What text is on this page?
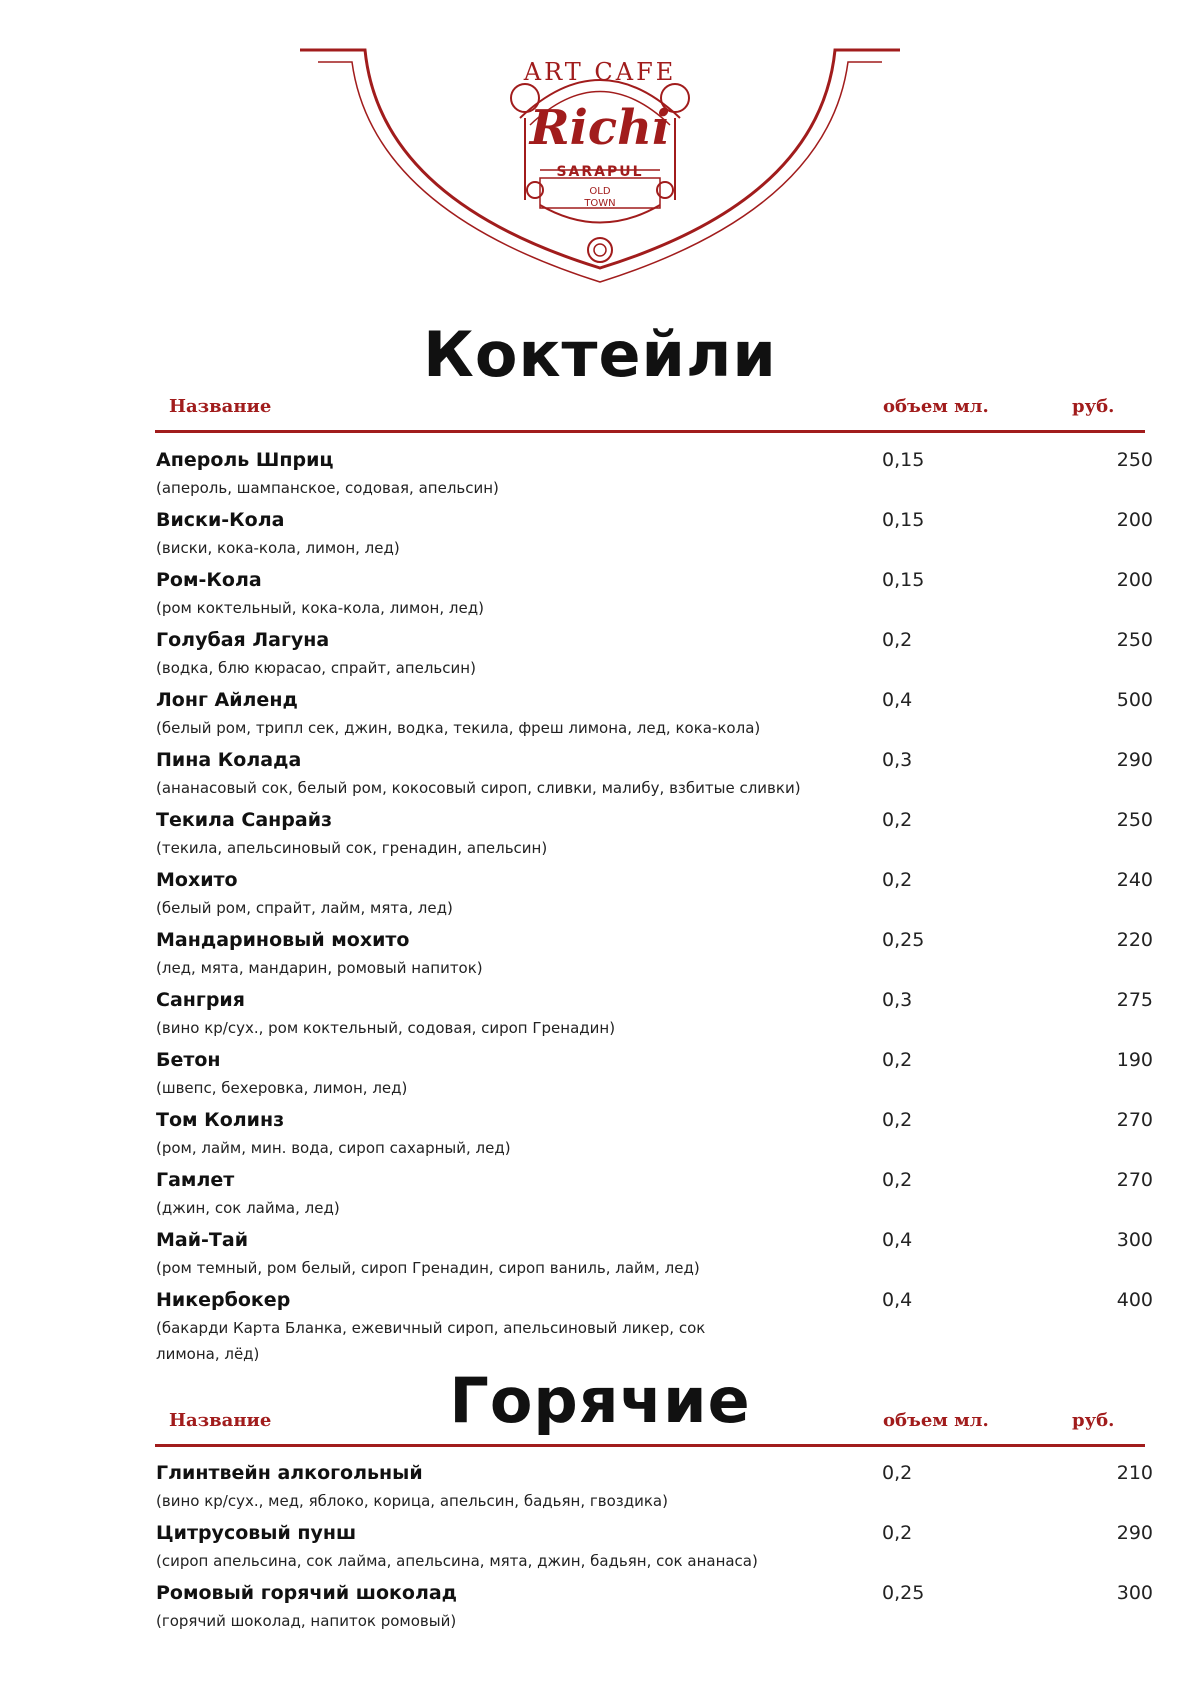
ART CAFE
Richi
SARAPUL
OLD
TOWN
Коктейли
Название	объем мл.	руб.
Апероль Шприц
(апероль, шампанское, содовая, апельсин)
0,15	250
Виски-Кола
(виски, кока-кола, лимон, лед)
0,15	200
Ром-Кола
(ром коктельный, кока-кола, лимон, лед)
0,15	200
Голубая Лагуна
(водка, блю кюрасао, спрайт, апельсин)
0,2	250
Лонг Айленд
(белый ром, трипл сек, джин, водка, текила, фреш лимона, лед, кока-кола)
0,4	500
Пина Колада
(ананасовый сок, белый ром, кокосовый сироп, сливки, малибу, взбитые сливки)
0,3	290
Текила Санрайз
(текила, апельсиновый сок, гренадин, апельсин)
0,2	250
Мохито
(белый ром, спрайт, лайм, мята, лед)
0,2	240
Мандариновый мохито
(лед, мята, мандарин, ромовый напиток)
0,25	220
Сангрия
(вино кр/сух., ром коктельный, содовая, сироп Гренадин)
0,3	275
Бетон
(швепс, бехеровка, лимон, лед)
0,2	190
Том Колинз
(ром, лайм, мин. вода, сироп сахарный, лед)
0,2	270
Гамлет
(джин, сок лайма, лед)
0,2	270
Май-Тай
(ром темный, ром белый, сироп Гренадин, сироп ваниль, лайм, лед)
0,4	300
Никербокер
(бакарди Карта Бланка, ежевичный сироп, апельсиновый ликер, сок лимона, лёд)
0,4	400
Горячие
Название	объем мл.	руб.
Глинтвейн алкогольный
(вино кр/сух., мед, яблоко, корица, апельсин, бадьян, гвоздика)
0,2	210
Цитрусовый пунш
(сироп апельсина, сок лайма, апельсина, мята, джин, бадьян, сок ананаса)
0,2	290
Ромовый горячий шоколад
(горячий шоколад, напиток ромовый)
0,25	300
